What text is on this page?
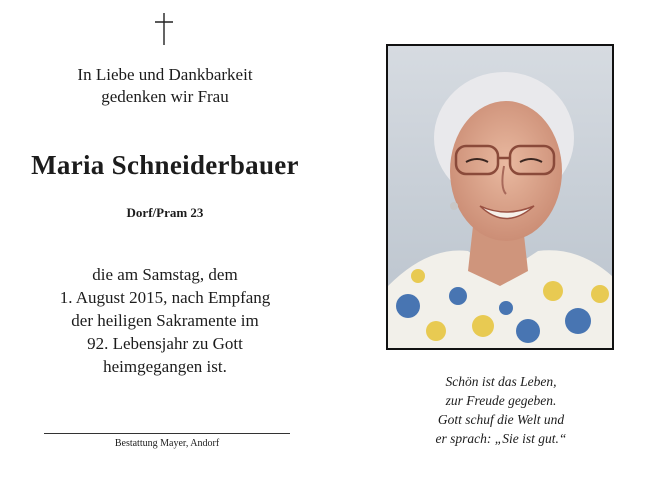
In Liebe und Dankbarkeit
gedenken wir Frau
Maria Schneiderbauer
Dorf/Pram 23
die am Samstag, dem
1. August 2015, nach Empfang
der heiligen Sakramente im
92. Lebensjahr zu Gott
heimgegangen ist.
Bestattung Mayer, Andorf
Schön ist das Leben,
zur Freude gegeben.
Gott schuf die Welt und
er sprach: „Sie ist gut.“
